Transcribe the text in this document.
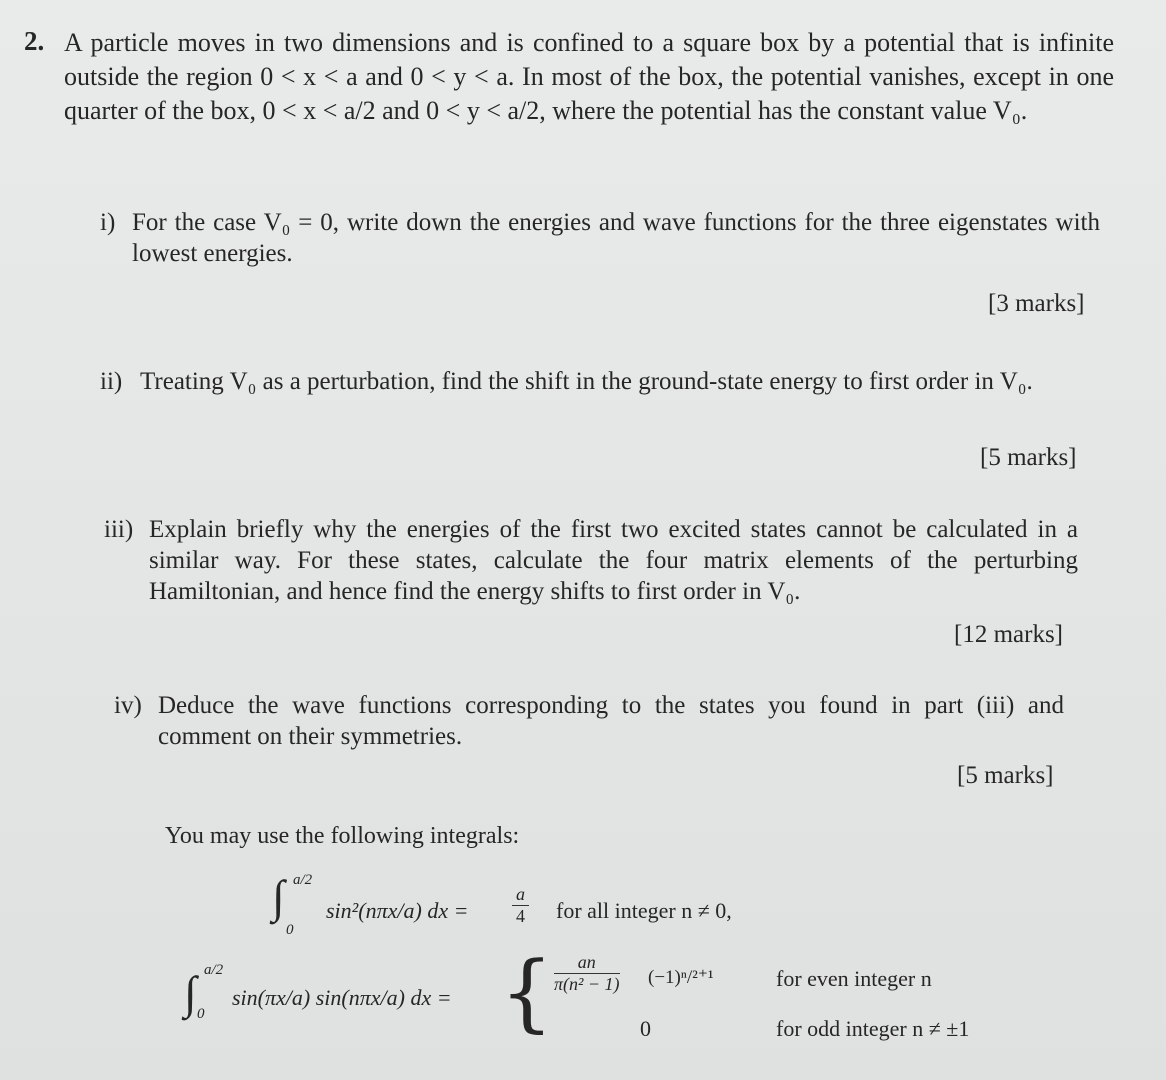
2. A particle moves in two dimensions and is confined to a square box by a potential that is infinite outside the region 0 < x < a and 0 < y < a. In most of the box, the potential vanishes, except in one quarter of the box, 0 < x < a/2 and 0 < y < a/2, where the potential has the constant value V₀.
i) For the case V₀ = 0, write down the energies and wave functions for the three eigenstates with lowest energies.
[3 marks]
ii) Treating V₀ as a perturbation, find the shift in the ground-state energy to first order in V₀.
[5 marks]
iii) Explain briefly why the energies of the first two excited states cannot be calculated in a similar way. For these states, calculate the four matrix elements of the perturbing Hamiltonian, and hence find the energy shifts to first order in V₀.
[12 marks]
iv) Deduce the wave functions corresponding to the states you found in part (iii) and comment on their symmetries.
[5 marks]
You may use the following integrals:
∫ a/2
0
sin²(nπx/a) dx = $\frac{a}{4}$ for all integer n ≠ 0,
∫ a/2
0
sin(πx/a) sin(nπx/a) dx = { $\frac{an}{\text{π(n² − 1)}} (-1)^n/^{2+1}$	for even integer n
0	for odd integer n ≠ ±1
